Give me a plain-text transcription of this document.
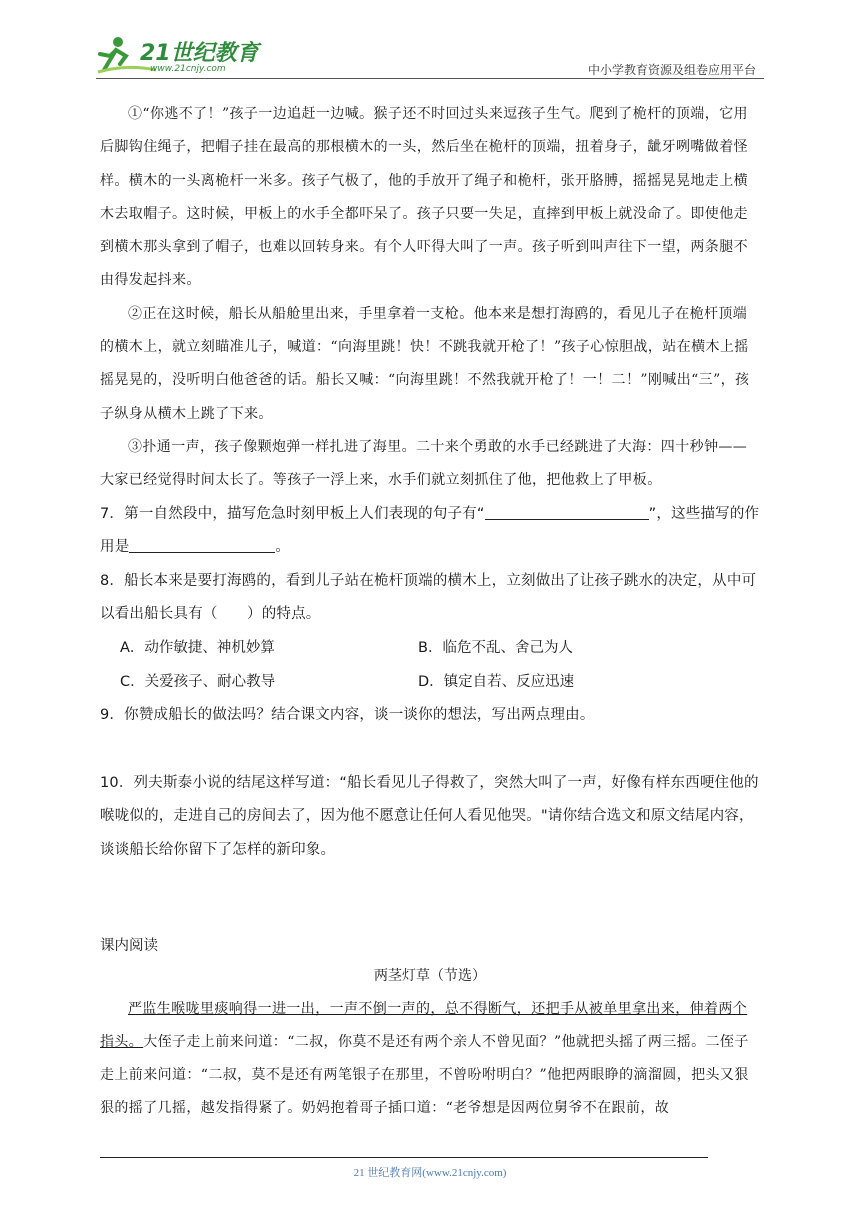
21世纪教育
www.21cnjy.com	中小学教育资源及组卷应用平台

①“你逃不了！”孩子一边追赶一边喊。猴子还不时回过头来逗孩子生气。爬到了桅杆的顶端，它用后脚钩住绳子，把帽子挂在最高的那根横木的一头，然后坐在桅杆的顶端，扭着身子，龇牙咧嘴做着怪样。横木的一头离桅杆一米多。孩子气极了，他的手放开了绳子和桅杆，张开胳膊，摇摇晃晃地走上横木去取帽子。这时候，甲板上的水手全都吓呆了。孩子只要一失足，直摔到甲板上就没命了。即使他走到横木那头拿到了帽子，也难以回转身来。有个人吓得大叫了一声。孩子听到叫声往下一望，两条腿不由得发起抖来。

②正在这时候，船长从船舱里出来，手里拿着一支枪。他本来是想打海鸥的，看见儿子在桅杆顶端的横木上，就立刻瞄准儿子，喊道：“向海里跳！快！不跳我就开枪了！”孩子心惊胆战，站在横木上摇摇晃晃的，没听明白他爸爸的话。船长又喊：“向海里跳！不然我就开枪了！一！二！”刚喊出“三”，孩子纵身从横木上跳了下来。

③扑通一声，孩子像颗炮弹一样扎进了海里。二十来个勇敢的水手已经跳进了大海：四十秒钟——大家已经觉得时间太长了。等孩子一浮上来，水手们就立刻抓住了他，把他救上了甲板。

7．第一自然段中，描写危急时刻甲板上人们表现的句子有“	”，这些描写的作用是	。

8．船长本来是要打海鸥的，看到儿子站在桅杆顶端的横木上，立刻做出了让孩子跳水的决定，从中可以看出船长具有（　　）的特点。

A．动作敏捷、神机妙算	B．临危不乱、舍己为人
C．关爱孩子、耐心教导	D．镇定自若、反应迅速

9．你赞成船长的做法吗？结合课文内容，谈一谈你的想法，写出两点理由。

10．列夫斯泰小说的结尾这样写道：“船长看见儿子得救了，突然大叫了一声，好像有样东西哽住他的喉咙似的，走进自己的房间去了，因为他不愿意让任何人看见他哭。"请你结合选文和原文结尾内容，谈谈船长给你留下了怎样的新印象。

课内阅读

两茎灯草（节选）

严监生喉咙里痰响得一进一出，一声不倒一声的，总不得断气，还把手从被单里拿出来，伸着两个指头。大侄子走上前来问道：“二叔，你莫不是还有两个亲人不曾见面？”他就把头摇了两三摇。二侄子走上前来问道：“二叔，莫不是还有两笔银子在那里，不曾吩咐明白？”他把两眼睁的滴溜圆，把头又狠狠的摇了几摇，越发指得紧了。奶妈抱着哥子插口道：“老爷想是因两位舅爷不在跟前，故

21 世纪教育网(www.21cnjy.com)
